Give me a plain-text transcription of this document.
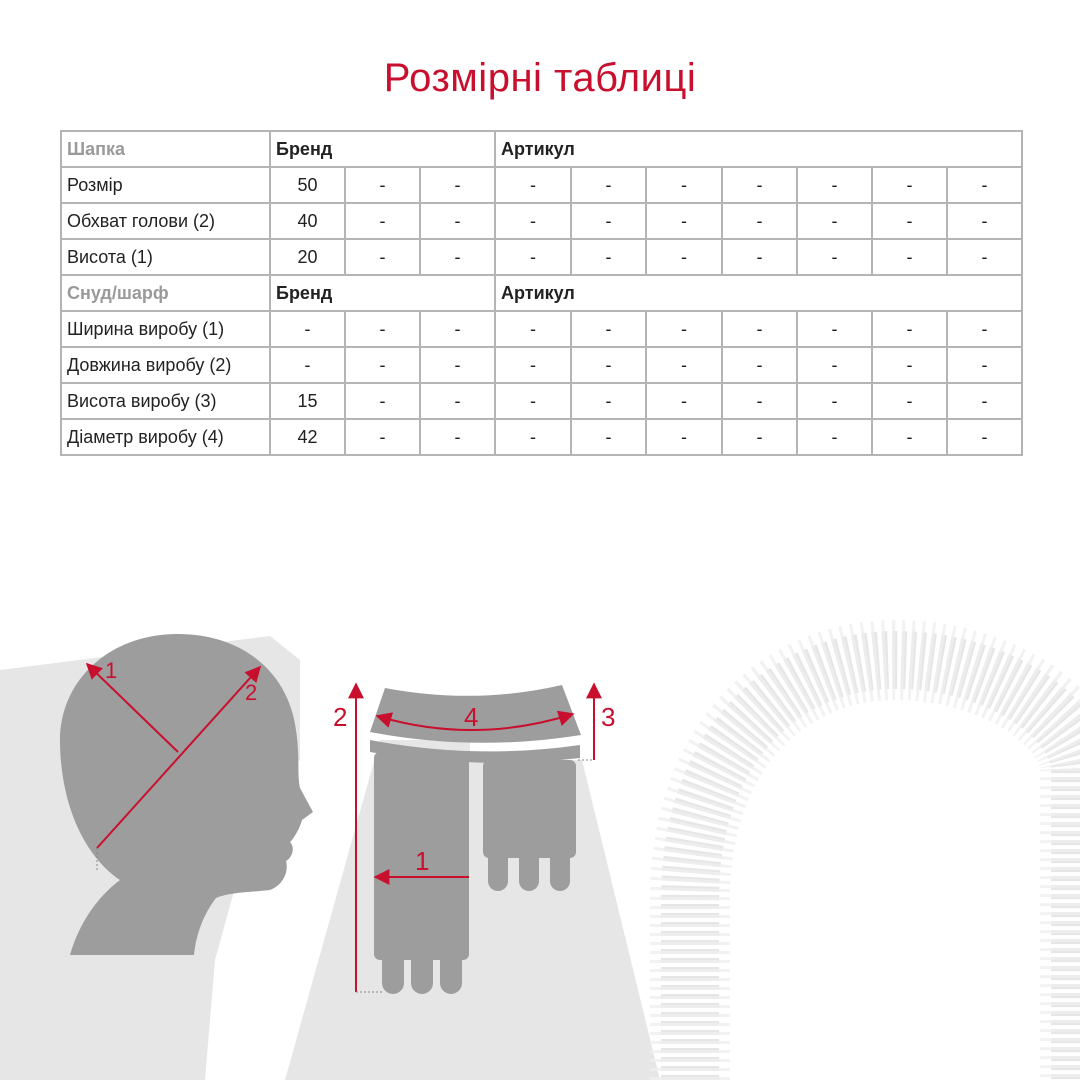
Розмірні таблиці
Шапка	Бренд			Артикул						
Розмір	50	-	-	-	-	-	-	-	-	-
Обхват голови (2)	40	-	-	-	-	-	-	-	-	-
Висота (1)	20	-	-	-	-	-	-	-	-	-
Снуд/шарф	Бренд			Артикул						
Ширина виробу (1)	-	-	-	-	-	-	-	-	-	-
Довжина виробу (2)	-	-	-	-	-	-	-	-	-	-
Висота виробу (3)	15	-	-	-	-	-	-	-	-	-
Діаметр виробу (4)	42	-	-	-	-	-	-	-	-	-
1
2
2	4	3
1
